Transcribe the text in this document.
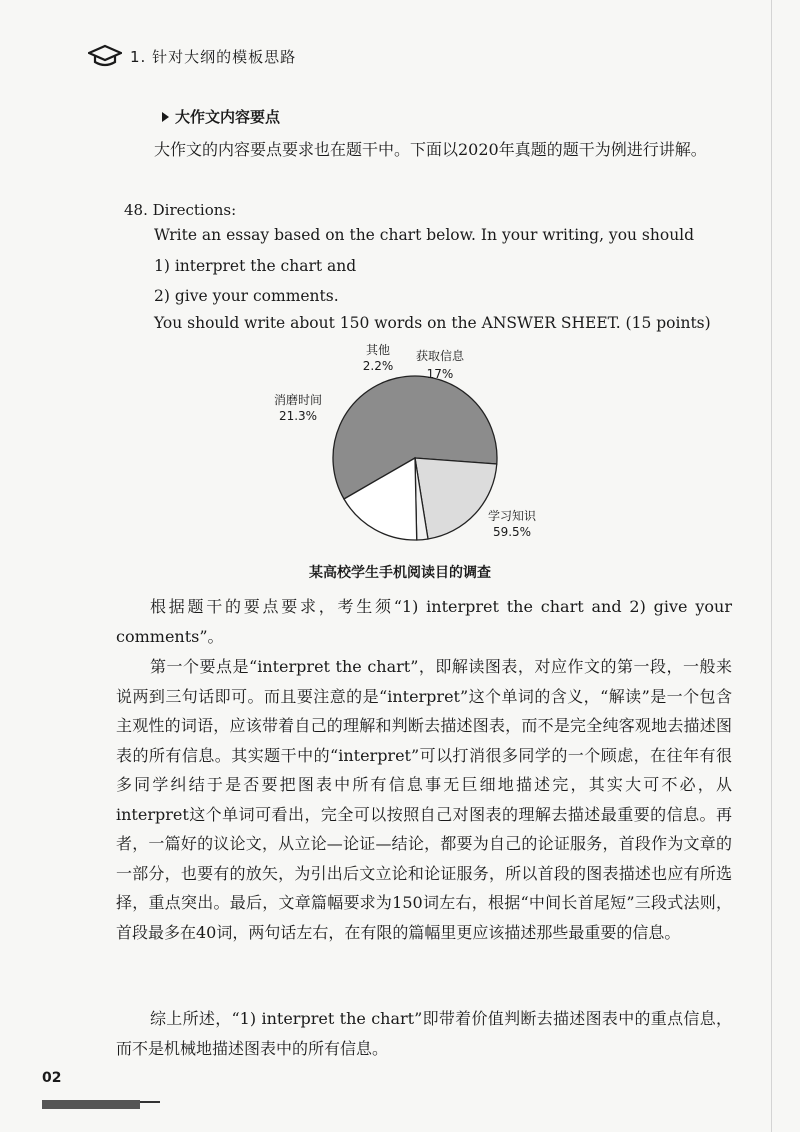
1. 针对大纲的模板思路
大作文内容要点

大作文的内容要点要求也在题干中。下面以2020年真题的题干为例进行讲解。

48. Directions:

Write an essay based on the chart below. In your writing, you should

1) interpret the chart and

2) give your comments.

You should write about 150 words on the ANSWER SHEET. (15 points)

学习知识
59.5%
消磨时间
21.3%
其他
2.2%
获取信息
17%

某高校学生手机阅读目的调查

根据题干的要点要求，考生须“1) interpret the chart and 2) give your comments”。

第一个要点是“interpret the chart”，即解读图表，对应作文的第一段，一般来说两到三句话即可。而且要注意的是“interpret”这个单词的含义，“解读”是一个包含主观性的词语，应该带着自己的理解和判断去描述图表，而不是完全纯客观地去描述图表的所有信息。其实题干中的“interpret”可以打消很多同学的一个顾虑，在往年有很多同学纠结于是否要把图表中所有信息事无巨细地描述完，其实大可不必，从interpret这个单词可看出，完全可以按照自己对图表的理解去描述最重要的信息。再者，一篇好的议论文，从立论—论证—结论，都要为自己的论证服务，首段作为文章的一部分，也要有的放矢，为引出后文立论和论证服务，所以首段的图表描述也应有所选择，重点突出。最后，文章篇幅要求为150词左右，根据“中间长首尾短”三段式法则，首段最多在40词，两句话左右，在有限的篇幅里更应该描述那些最重要的信息。

综上所述，“1) interpret the chart”即带着价值判断去描述图表中的重点信息，而不是机械地描述图表中的所有信息。

02
